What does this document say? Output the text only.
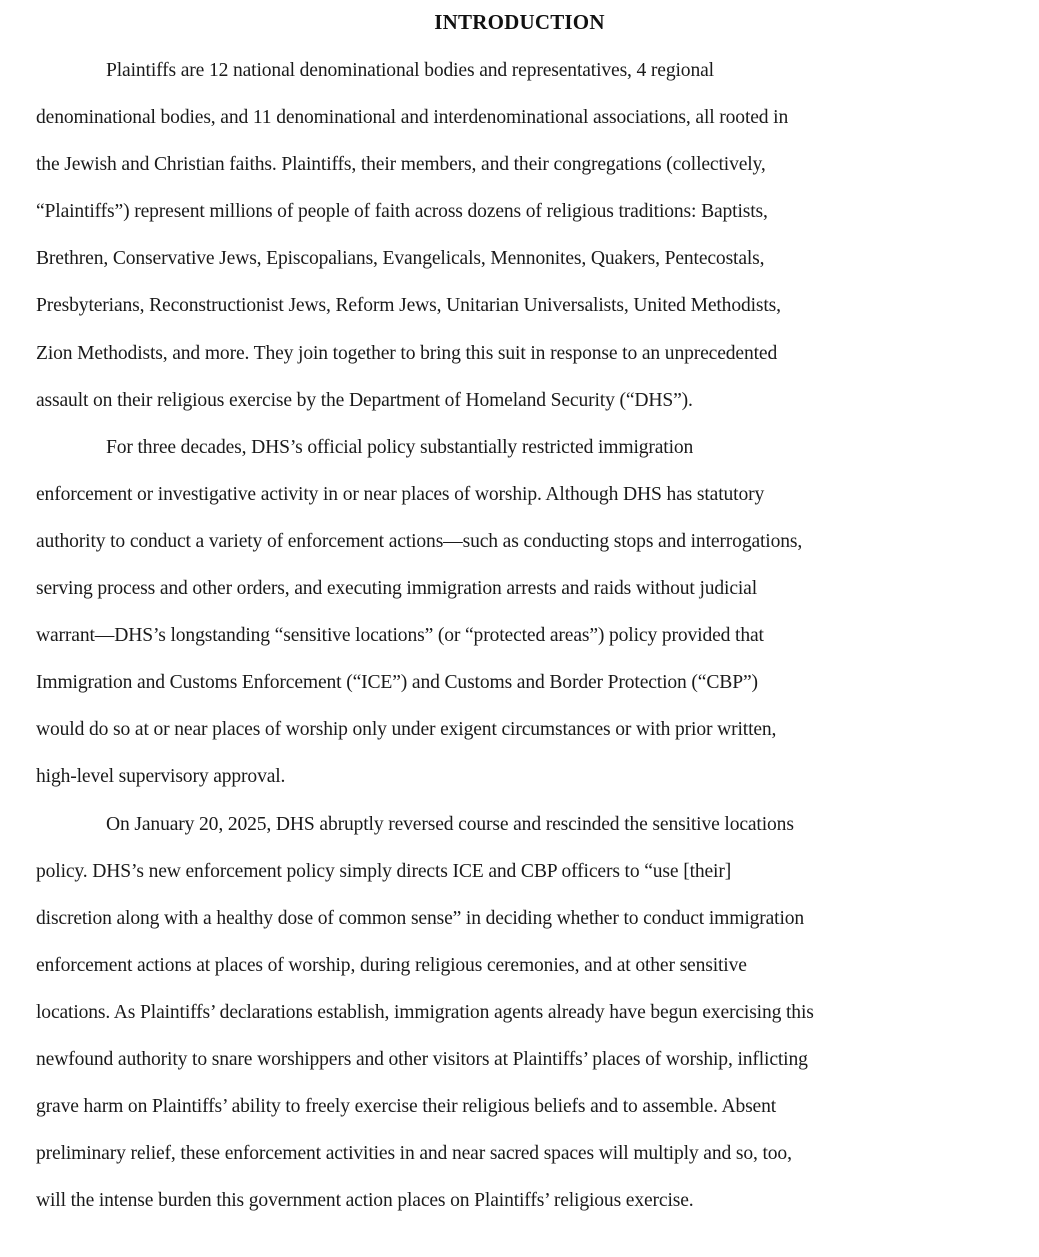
INTRODUCTION
Plaintiffs are 12 national denominational bodies and representatives, 4 regional
denominational bodies, and 11 denominational and interdenominational associations, all rooted in
the Jewish and Christian faiths. Plaintiffs, their members, and their congregations (collectively,
“Plaintiffs”) represent millions of people of faith across dozens of religious traditions: Baptists,
Brethren, Conservative Jews, Episcopalians, Evangelicals, Mennonites, Quakers, Pentecostals,
Presbyterians, Reconstructionist Jews, Reform Jews, Unitarian Universalists, United Methodists,
Zion Methodists, and more. They join together to bring this suit in response to an unprecedented
assault on their religious exercise by the Department of Homeland Security (“DHS”).
For three decades, DHS’s official policy substantially restricted immigration
enforcement or investigative activity in or near places of worship. Although DHS has statutory
authority to conduct a variety of enforcement actions—such as conducting stops and interrogations,
serving process and other orders, and executing immigration arrests and raids without judicial
warrant—DHS’s longstanding “sensitive locations” (or “protected areas”) policy provided that
Immigration and Customs Enforcement (“ICE”) and Customs and Border Protection (“CBP”)
would do so at or near places of worship only under exigent circumstances or with prior written,
high-level supervisory approval.
On January 20, 2025, DHS abruptly reversed course and rescinded the sensitive locations
policy. DHS’s new enforcement policy simply directs ICE and CBP officers to “use [their]
discretion along with a healthy dose of common sense” in deciding whether to conduct immigration
enforcement actions at places of worship, during religious ceremonies, and at other sensitive
locations. As Plaintiffs’ declarations establish, immigration agents already have begun exercising this
newfound authority to snare worshippers and other visitors at Plaintiffs’ places of worship, inflicting
grave harm on Plaintiffs’ ability to freely exercise their religious beliefs and to assemble. Absent
preliminary relief, these enforcement activities in and near sacred spaces will multiply and so, too,
will the intense burden this government action places on Plaintiffs’ religious exercise.
